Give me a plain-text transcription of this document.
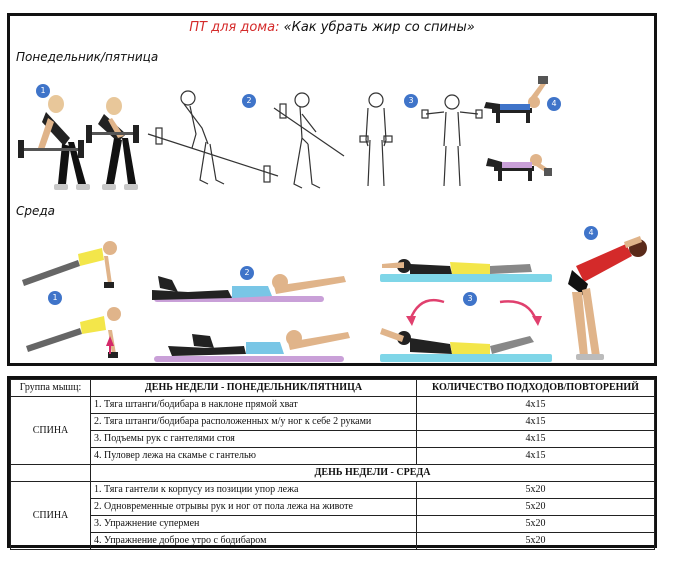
ПТ для дома: «Как убрать жир со спины»
Понедельник/пятница
Среда
1
2	3	4
1
2
3
4
Группа мышц:	ДЕНЬ НЕДЕЛИ - ПОНЕДЕЛЬНИК/ПЯТНИЦА	КОЛИЧЕСТВО ПОДХОДОВ/ПОВТОРЕНИЙ
СПИНА	1. Тяга штанги/бодибара в наклоне прямой хват	4x15
	2. Тяга штанги/бодибара расположенных м/у ног к себе 2 руками	4x15
	3. Подъемы рук с гантелями стоя	4x15
	4. Пуловер лежа на скамье с гантелью	4x15
	ДЕНЬ НЕДЕЛИ - СРЕДА	
СПИНА	1. Тяга гантели к корпусу из позиции упор лежа	5x20
	2. Одновременные отрывы рук и ног от пола лежа на животе	5x20
	3. Упражнение супермен	5x20
	4. Упражнение доброе утро с бодибаром	5x20
